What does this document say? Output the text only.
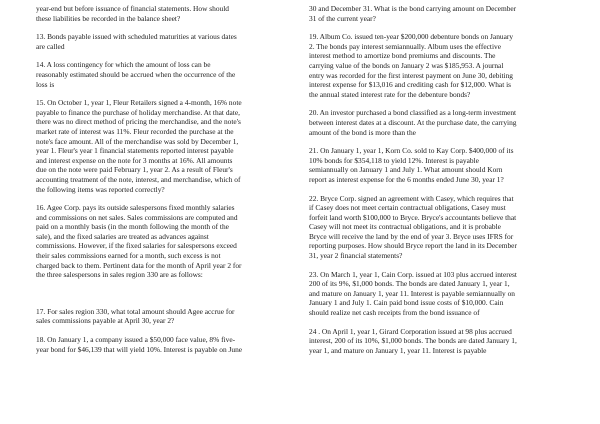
year-end but before issuance of financial statements. How should
these liabilities be recorded in the balance sheet?

13. Bonds payable issued with scheduled maturities at various dates
are called

14. A loss contingency for which the amount of loss can be
reasonably estimated should be accrued when the occurrence of the
loss is

15. On October 1, year 1, Fleur Retailers signed a 4-month, 16% note
payable to finance the purchase of holiday merchandise. At that date,
there was no direct method of pricing the merchandise, and the note's
market rate of interest was 11%. Fleur recorded the purchase at the
note's face amount. All of the merchandise was sold by December 1,
year 1. Fleur's year 1 financial statements reported interest payable
and interest expense on the note for 3 months at 16%. All amounts
due on the note were paid February 1, year 2. As a result of Fleur's
accounting treatment of the note, interest, and merchandise, which of
the following items was reported correctly?

16. Agee Corp. pays its outside salespersons fixed monthly salaries
and commissions on net sales. Sales commissions are computed and
paid on a monthly basis (in the month following the month of the
sale), and the fixed salaries are treated as advances against
commissions. However, if the fixed salaries for salespersons exceed
their sales commissions earned for a month, such excess is not
charged back to them. Pertinent data for the month of April year 2 for
the three salespersons in sales region 330 are as follows:

17. For sales region 330, what total amount should Agee accrue for
sales commissions payable at April 30, year 2?

18. On January 1, a company issued a $50,000 face value, 8% five-
year bond for $46,139 that will yield 10%. Interest is payable on June

30 and December 31. What is the bond carrying amount on December
31 of the current year?

19. Album Co. issued ten-year $200,000 debenture bonds on January
2. The bonds pay interest semiannually. Album uses the effective
interest method to amortize bond premiums and discounts. The
carrying value of the bonds on January 2 was $185,953. A journal
entry was recorded for the first interest payment on June 30, debiting
interest expense for $13,016 and crediting cash for $12,000. What is
the annual stated interest rate for the debenture bonds?

20. An investor purchased a bond classified as a long-term investment
between interest dates at a discount. At the purchase date, the carrying
amount of the bond is more than the

21. On January 1, year 1, Korn Co. sold to Kay Corp. $400,000 of its
10% bonds for $354,118 to yield 12%. Interest is payable
semiannually on January 1 and July 1. What amount should Korn
report as interest expense for the 6 months ended June 30, year 1?

22. Bryce Corp. signed an agreement with Casey, which requires that
if Casey does not meet certain contractual obligations, Casey must
forfeit land worth $100,000 to Bryce. Bryce's accountants believe that
Casey will not meet its contractual obligations, and it is probable
Bryce will receive the land by the end of year 3. Bryce uses IFRS for
reporting purposes. How should Bryce report the land in its December
31, year 2 financial statements?

23. On March 1, year 1, Cain Corp. issued at 103 plus accrued interest
200 of its 9%, $1,000 bonds. The bonds are dated January 1, year 1,
and mature on January 1, year 11. Interest is payable semiannually on
January 1 and July 1. Cain paid bond issue costs of $10,000. Cain
should realize net cash receipts from the bond issuance of

24 . On April 1, year 1, Girard Corporation issued at 98 plus accrued
interest, 200 of its 10%, $1,000 bonds. The bonds are dated January 1,
year 1, and mature on January 1, year 11. Interest is payable
